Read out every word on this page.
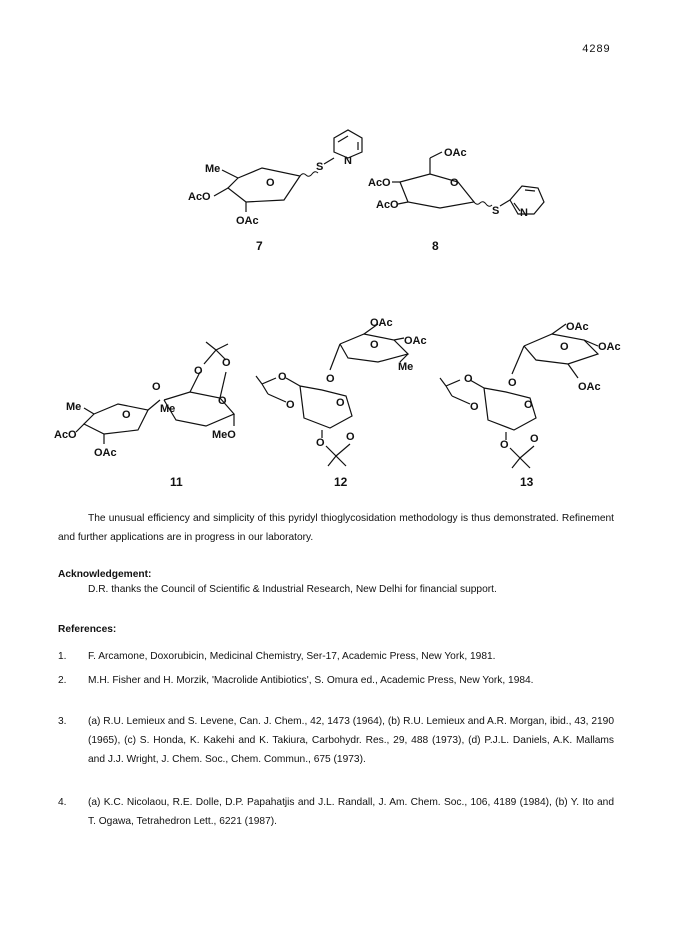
4289
O
Me
AcO
OAc
S N
7
O
OAc
AcO
AcO	S N
8
O
Me
AcO
OAc
O
Me
O
O
O
MeO
11
O
OAc
OAc
Me
O
O
O
O
O O
12
O
OAc
OAc
OAc
O
O
O
O
O O
13
The unusual efficiency and simplicity of this pyridyl thioglycosidation methodology is thus demonstrated. Refinement and further applications are in progress in our laboratory.
Acknowledgement:
D.R. thanks the Council of Scientific & Industrial Research, New Delhi for financial support.
References:
1. F. Arcamone, Doxorubicin, Medicinal Chemistry, Ser-17, Academic Press, New York, 1981.
2. M.H. Fisher and H. Morzik, 'Macrolide Antibiotics', S. Omura ed., Academic Press, New York, 1984.
3. (a) R.U. Lemieux and S. Levene, Can. J. Chem., 42, 1473 (1964), (b) R.U. Lemieux and A.R. Morgan, ibid., 43, 2190 (1965), (c) S. Honda, K. Kakehi and K. Takiura, Carbohydr. Res., 29, 488 (1973), (d) P.J.L. Daniels, A.K. Mallams and J.J. Wright, J. Chem. Soc., Chem. Commun., 675 (1973).
4. (a) K.C. Nicolaou, R.E. Dolle, D.P. Papahatjis and J.L. Randall, J. Am. Chem. Soc., 106, 4189 (1984), (b) Y. Ito and T. Ogawa, Tetrahedron Lett., 6221 (1987).
